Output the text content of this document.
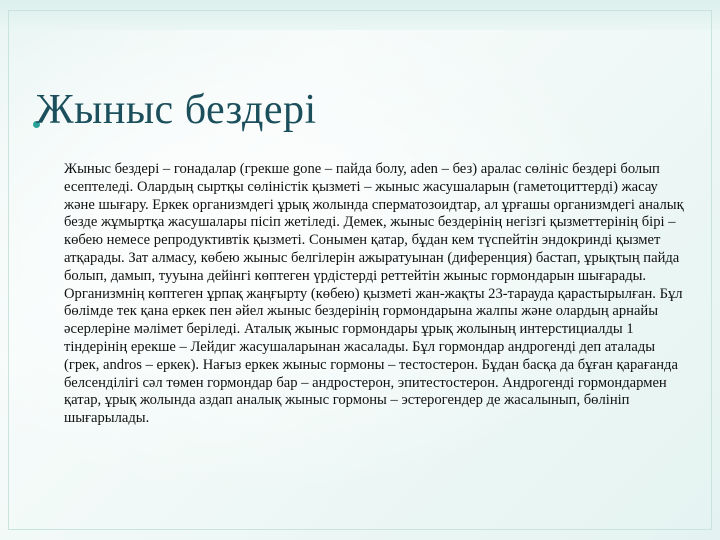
Жыныс бездері
Жыныс бездері – гонадалар (грекше gone – пайда болу, aden – без) аралас сөлініс бездері болып есептеледі. Олардың сыртқы сөлініcтік қызметі – жыныс жасушаларын (гаметоциттерді) жасау және шығару. Еркек организмдегі ұрық жолында сперматозоидтар, ал ұрғашы организмдегі аналық безде жұмыртқа жасушалары пісіп жетіледі. Демек, жыныс бездерінің негізгі қызметтерінің бірі – көбею немесе репродуктивтік қызметі. Сонымен қатар, бұдан кем түспейтін эндокринді қызмет атқарады. Зат алмасу, көбею жыныс белгілерін ажыратуынан (диференция) бастап, ұрықтың пайда болып, дамып, тууына дейінгі көптеген үрдістерді реттейтін жыныс гормондарын шығарады. Организмнің көптеген ұрпақ жаңғырту (көбею) қызметі жан-жақты 23-тарауда қарастырылған. Бұл бөлімде тек қана еркек пен әйел жыныс бездерінің гормондарына жалпы және олардың арнайы әсерлеріне мәлімет беріледі. Аталық жыныс гормондары ұрық жолының интерстициалды 1 тіндерінің ерекше – Лейдиг жасушаларынан жасалады. Бұл гормондар андрогенді деп аталады (грек, andros – еркек). Нағыз еркек жыныс гормоны – тестостерон. Бұдан басқа да бұған қарағанда белсенділігі сәл төмен гормондар бар – андростерон, эпитестостерон. Андрогенді гормондармен қатар, ұрық жолында аздап аналық жыныс гормоны – эстерогендер де жасалынып, бөлініп шығарылады.
